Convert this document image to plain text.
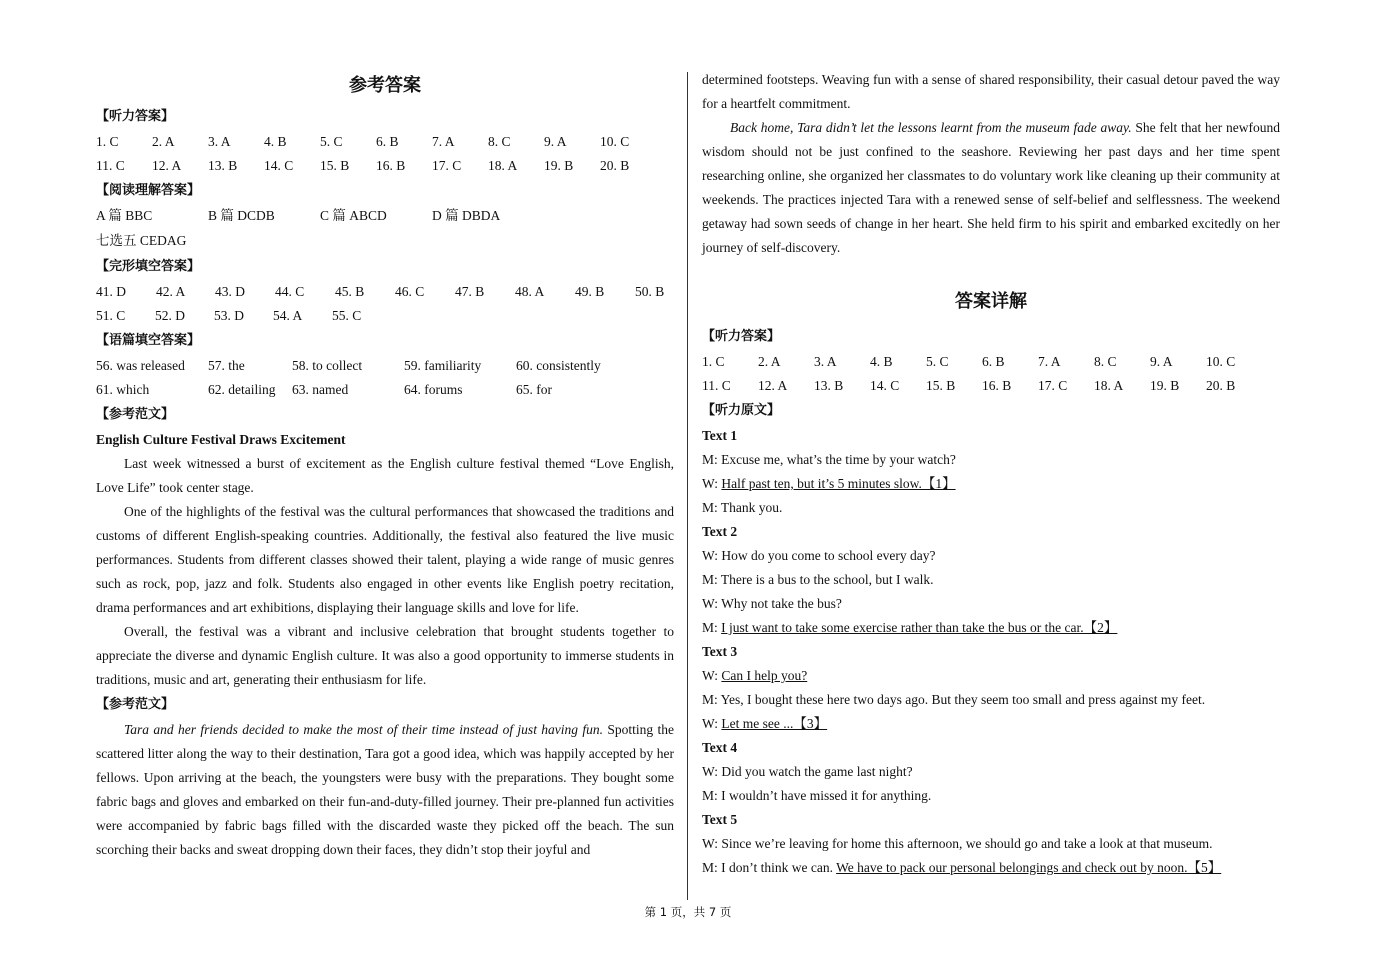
参考答案
【听力答案】
1. C	2. A	3. A	4. B	5. C	6. B	7. A	8. C	9. A	10. C
11. C	12. A	13. B	14. C	15. B	16. B	17. C	18. A	19. B	20. B
【阅读理解答案】
A 篇 BBC	B 篇 DCDB	C 篇 ABCD	D 篇 DBDA
七选五 CEDAG
【完形填空答案】
41. D	42. A	43. D	44. C	45. B	46. C	47. B	48. A	49. B	50. B
51. C	52. D	53. D	54. A	55. C
【语篇填空答案】
56. was released	57. the	58. to collect	59. familiarity	60. consistently
61. which	62. detailing	63. named	64. forums	65. for
【参考范文】
English Culture Festival Draws Excitement

Last week witnessed a burst of excitement as the English culture festival themed “Love English, Love Life” took center stage.

One of the highlights of the festival was the cultural performances that showcased the traditions and customs of different English-speaking countries. Additionally, the festival also featured the live music performances. Students from different classes showed their talent, playing a wide range of music genres such as rock, pop, jazz and folk. Students also engaged in other events like English poetry recitation, drama performances and art exhibitions, displaying their language skills and love for life.

Overall, the festival was a vibrant and inclusive celebration that brought students together to appreciate the diverse and dynamic English culture. It was also a good opportunity to immerse students in traditions, music and art, generating their enthusiasm for life.

【参考范文】

Tara and her friends decided to make the most of their time instead of just having fun. Spotting the scattered litter along the way to their destination, Tara got a good idea, which was happily accepted by her fellows. Upon arriving at the beach, the youngsters were busy with the preparations. They bought some fabric bags and gloves and embarked on their fun-and-duty-filled journey. Their pre-planned fun activities were accompanied by fabric bags filled with the discarded waste they picked off the beach. The sun scorching their backs and sweat dropping down their faces, they didn’t stop their joyful and

determined footsteps. Weaving fun with a sense of shared responsibility, their casual detour paved the way for a heartfelt commitment.

Back home, Tara didn’t let the lessons learnt from the museum fade away. She felt that her newfound wisdom should not be just confined to the seashore. Reviewing her past days and her time spent researching online, she organized her classmates to do voluntary work like cleaning up their community at weekends. The practices injected Tara with a renewed sense of self-belief and selflessness. The weekend getaway had sown seeds of change in her heart. She held firm to his spirit and embarked excitedly on her journey of self-discovery.

答案详解
【听力答案】
1. C	2. A	3. A	4. B	5. C	6. B	7. A	8. C	9. A	10. C
11. C	12. A	13. B	14. C	15. B	16. B	17. C	18. A	19. B	20. B
【听力原文】
Text 1
M: Excuse me, what’s the time by your watch?
W: Half past ten, but it’s 5 minutes slow.【1】
M: Thank you.
Text 2
W: How do you come to school every day?
M: There is a bus to the school, but I walk.
W: Why not take the bus?
M: I just want to take some exercise rather than take the bus or the car.【2】
Text 3
W: Can I help you?
M: Yes, I bought these here two days ago. But they seem too small and press against my feet.
W: Let me see ...【3】
Text 4
W: Did you watch the game last night?
M: I wouldn’t have missed it for anything.
Text 5
W: Since we’re leaving for home this afternoon, we should go and take a look at that museum.
M: I don’t think we can. We have to pack our personal belongings and check out by noon.【5】
第 1 页，共 7 页
